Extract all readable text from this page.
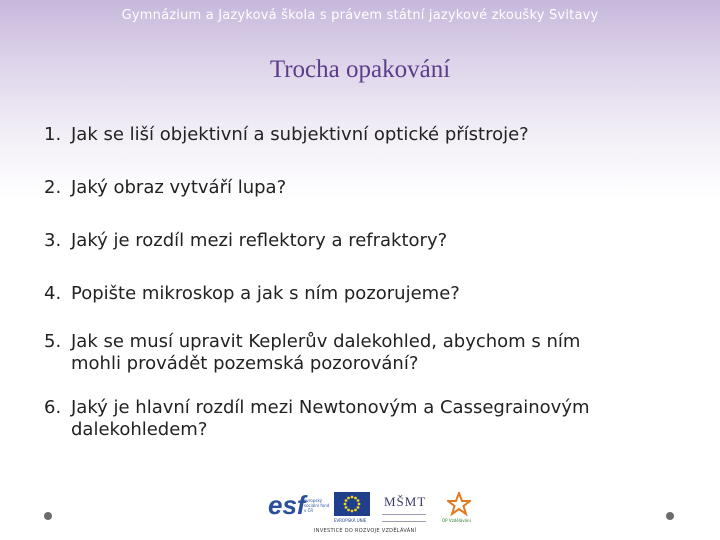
Gymnázium a Jazyková škola s právem státní jazykové zkoušky Svitavy
Trocha opakování
1. Jak se liší objektivní a subjektivní optické přístroje?
2. Jaký obraz vytváří lupa?
3. Jaký je rozdíl mezi reflektory a refraktory?
4. Popište mikroskop a jak s ním pozorujeme?
5. Jak se musí upravit Keplerův dalekohled, abychom s ním mohli provádět pozemská pozorování?
6. Jaký je hlavní rozdíl mezi Newtonovým a Cassegrainovým dalekohledem?
esf
evropský sociální fond v ČR
EVROPSKÁ UNIE
MŠMT
OP Vzdělávání
INVESTICE DO ROZVOJE VZDĚLÁVÁNÍ
